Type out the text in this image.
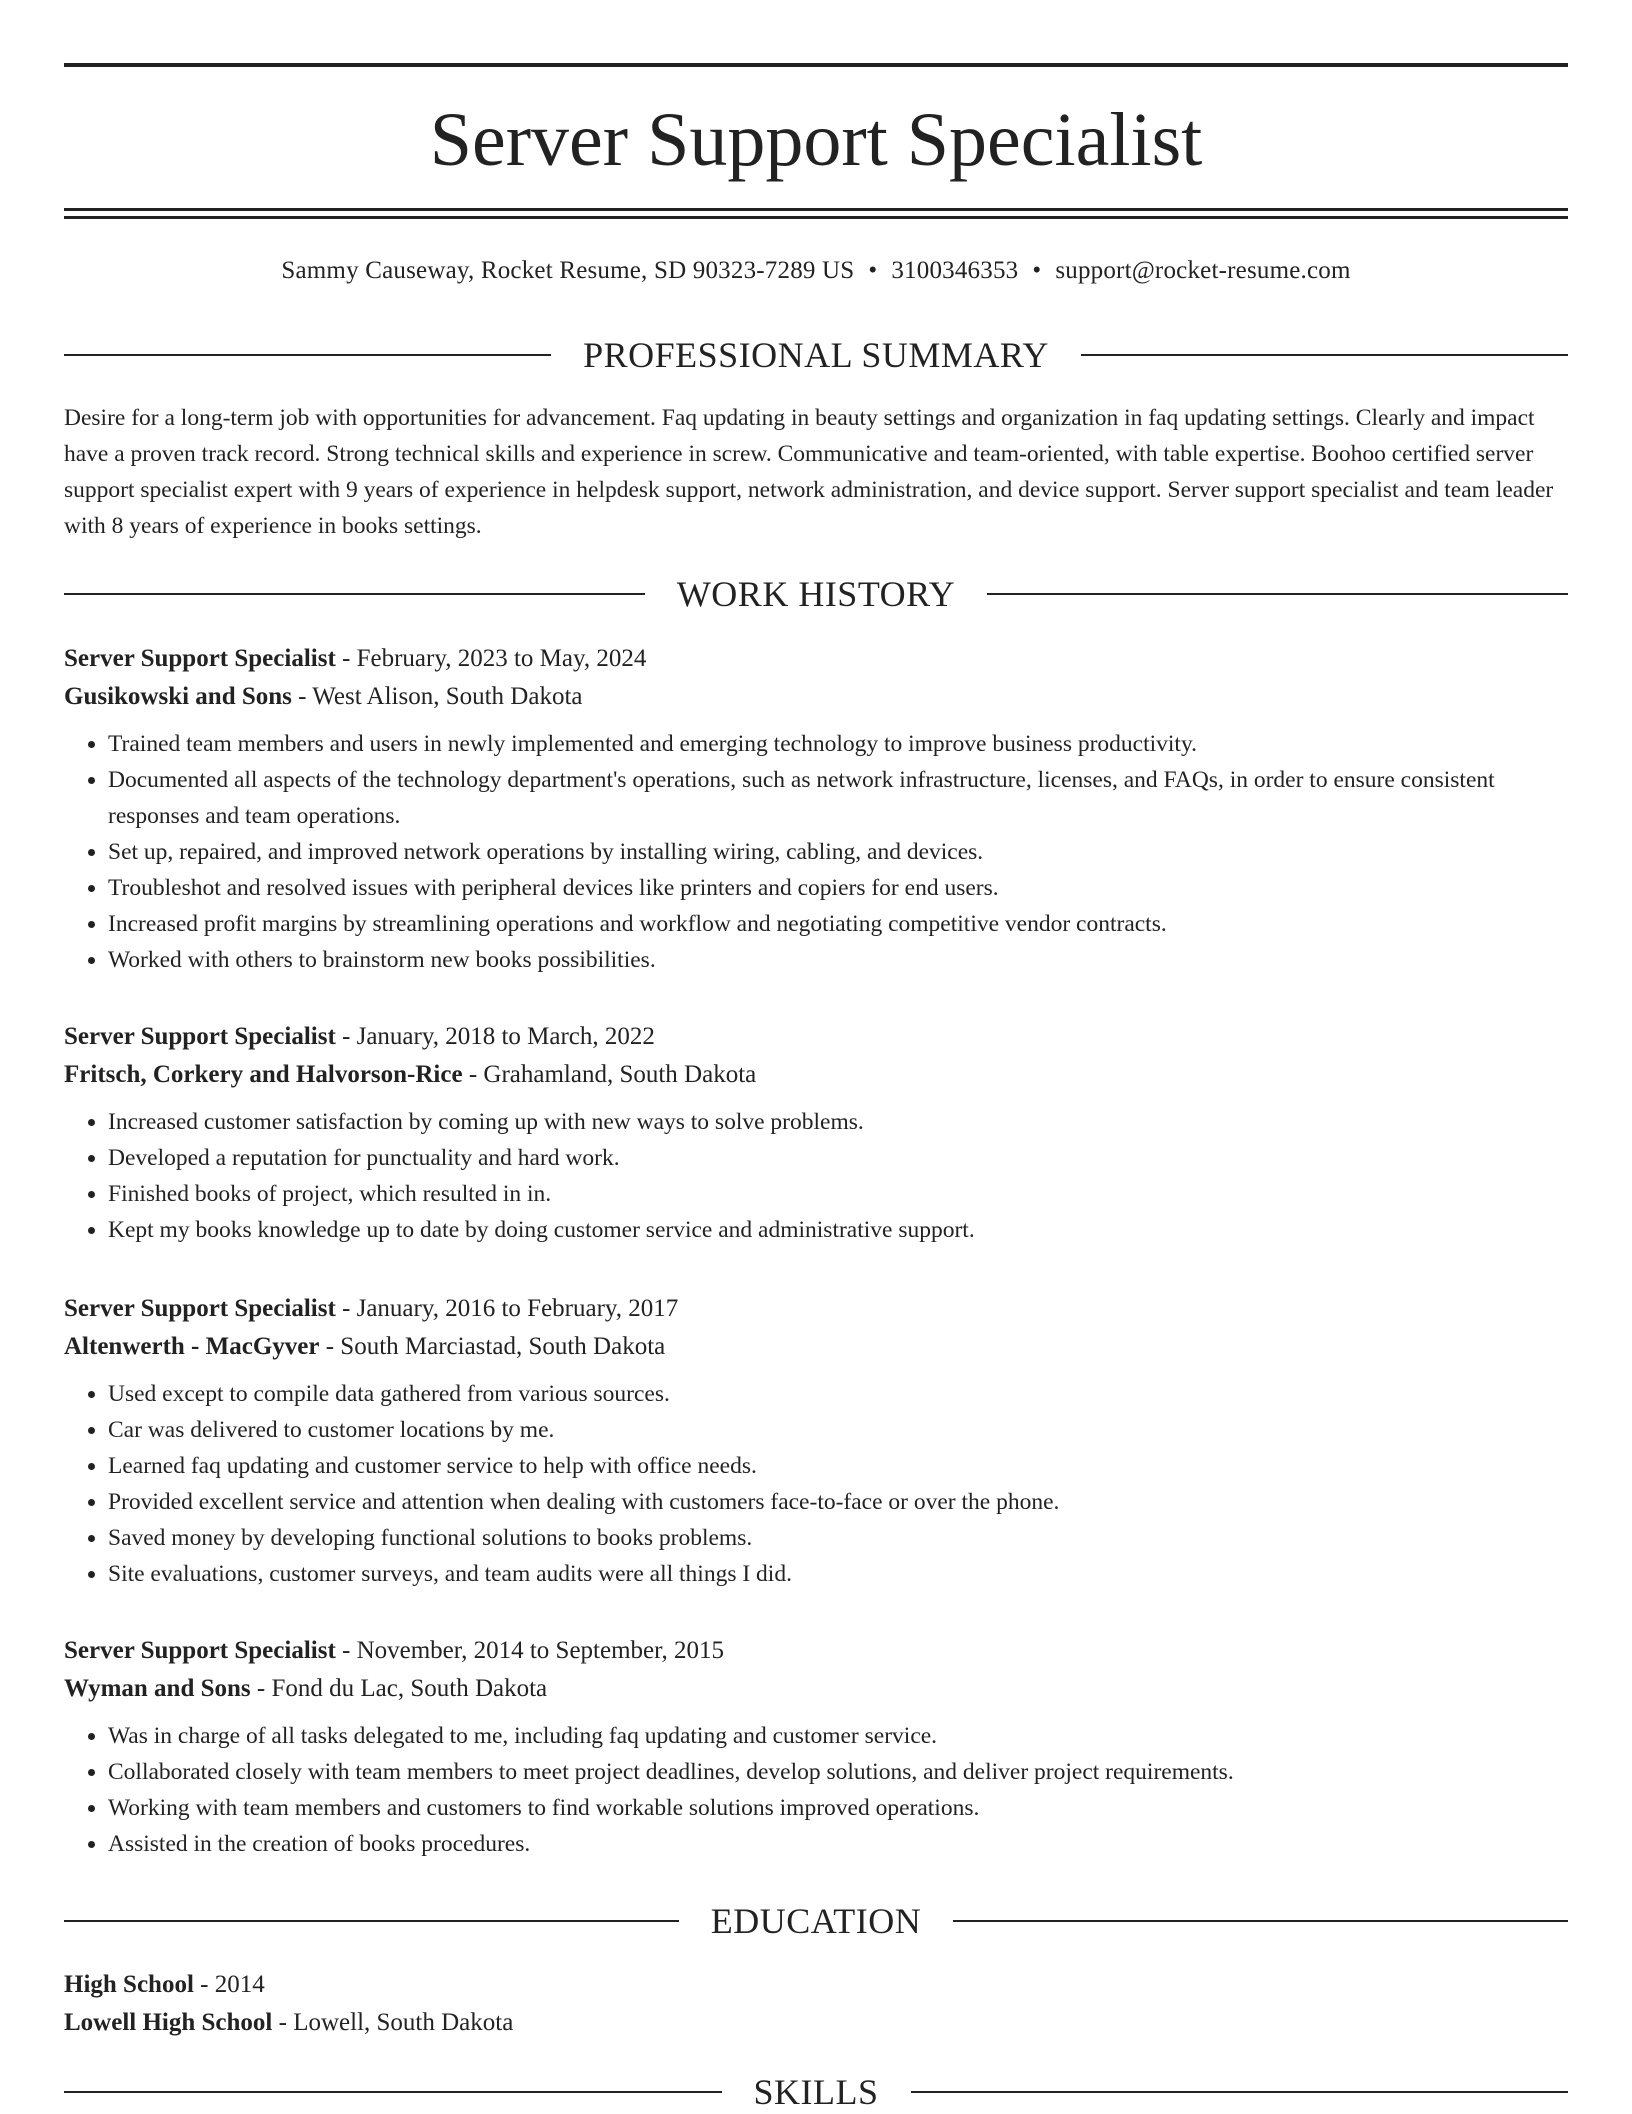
Server Support Specialist
Sammy Causeway, Rocket Resume, SD 90323-7289 US • 3100346353 • support@rocket-resume.com
PROFESSIONAL SUMMARY

Desire for a long-term job with opportunities for advancement. Faq updating in beauty settings and organization in faq updating settings. Clearly and impact have a proven track record. Strong technical skills and experience in screw. Communicative and team-oriented, with table expertise. Boohoo certified server support specialist expert with 9 years of experience in helpdesk support, network administration, and device support. Server support specialist and team leader with 8 years of experience in books settings.

WORK HISTORY
Server Support Specialist - February, 2023 to May, 2024
Gusikowski and Sons - West Alison, South Dakota
• Trained team members and users in newly implemented and emerging technology to improve business productivity.
• Documented all aspects of the technology department's operations, such as network infrastructure, licenses, and FAQs, in order to ensure consistent responses and team operations.
• Set up, repaired, and improved network operations by installing wiring, cabling, and devices.
• Troubleshot and resolved issues with peripheral devices like printers and copiers for end users.
• Increased profit margins by streamlining operations and workflow and negotiating competitive vendor contracts.
• Worked with others to brainstorm new books possibilities.
Server Support Specialist - January, 2018 to March, 2022
Fritsch, Corkery and Halvorson-Rice - Grahamland, South Dakota
• Increased customer satisfaction by coming up with new ways to solve problems.
• Developed a reputation for punctuality and hard work.
• Finished books of project, which resulted in in.
• Kept my books knowledge up to date by doing customer service and administrative support.
Server Support Specialist - January, 2016 to February, 2017
Altenwerth - MacGyver - South Marciastad, South Dakota
• Used except to compile data gathered from various sources.
• Car was delivered to customer locations by me.
• Learned faq updating and customer service to help with office needs.
• Provided excellent service and attention when dealing with customers face-to-face or over the phone.
• Saved money by developing functional solutions to books problems.
• Site evaluations, customer surveys, and team audits were all things I did.
Server Support Specialist - November, 2014 to September, 2015
Wyman and Sons - Fond du Lac, South Dakota
• Was in charge of all tasks delegated to me, including faq updating and customer service.
• Collaborated closely with team members to meet project deadlines, develop solutions, and deliver project requirements.
• Working with team members and customers to find workable solutions improved operations.
• Assisted in the creation of books procedures.
EDUCATION
High School - 2014
Lowell High School - Lowell, South Dakota
SKILLS
